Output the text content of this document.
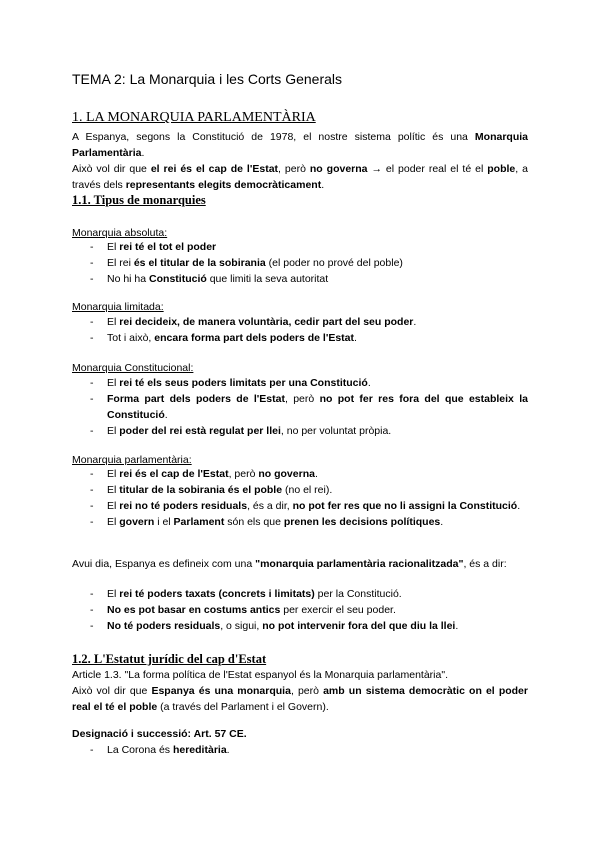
TEMA 2: La Monarquia i les Corts Generals
1. LA MONARQUIA PARLAMENTÀRIA
A Espanya, segons la Constitució de 1978, el nostre sistema polític és una Monarquia Parlamentària.
Això vol dir que el rei és el cap de l'Estat, però no governa → el poder real el té el poble, a través dels representants elegits democràticament.
1.1. Tipus de monarquies
Monarquia absoluta:
- El rei té el tot el poder
- El rei és el titular de la sobirania (el poder no prové del poble)
- No hi ha Constitució que limiti la seva autoritat
Monarquia limitada:
- El rei decideix, de manera voluntària, cedir part del seu poder.
- Tot i això, encara forma part dels poders de l'Estat.
Monarquia Constitucional:
- El rei té els seus poders limitats per una Constitució.
- Forma part dels poders de l'Estat, però no pot fer res fora del que estableix la Constitució.
- El poder del rei està regulat per llei, no per voluntat pròpia.
Monarquia parlamentària:
- El rei és el cap de l'Estat, però no governa.
- El titular de la sobirania és el poble (no el rei).
- El rei no té poders residuals, és a dir, no pot fer res que no li assigni la Constitució.
- El govern i el Parlament són els que prenen les decisions polítiques.
Avui dia, Espanya es defineix com una "monarquia parlamentària racionalitzada", és a dir:
- El rei té poders taxats (concrets i limitats) per la Constitució.
- No es pot basar en costums antics per exercir el seu poder.
- No té poders residuals, o sigui, no pot intervenir fora del que diu la llei.
1.2. L'Estatut jurídic del cap d'Estat
Article 1.3. "La forma política de l'Estat espanyol és la Monarquia parlamentària".
Això vol dir que Espanya és una monarquia, però amb un sistema democràtic on el poder real el té el poble (a través del Parlament i el Govern).
Designació i successió: Art. 57 CE.
- La Corona és hereditària.
